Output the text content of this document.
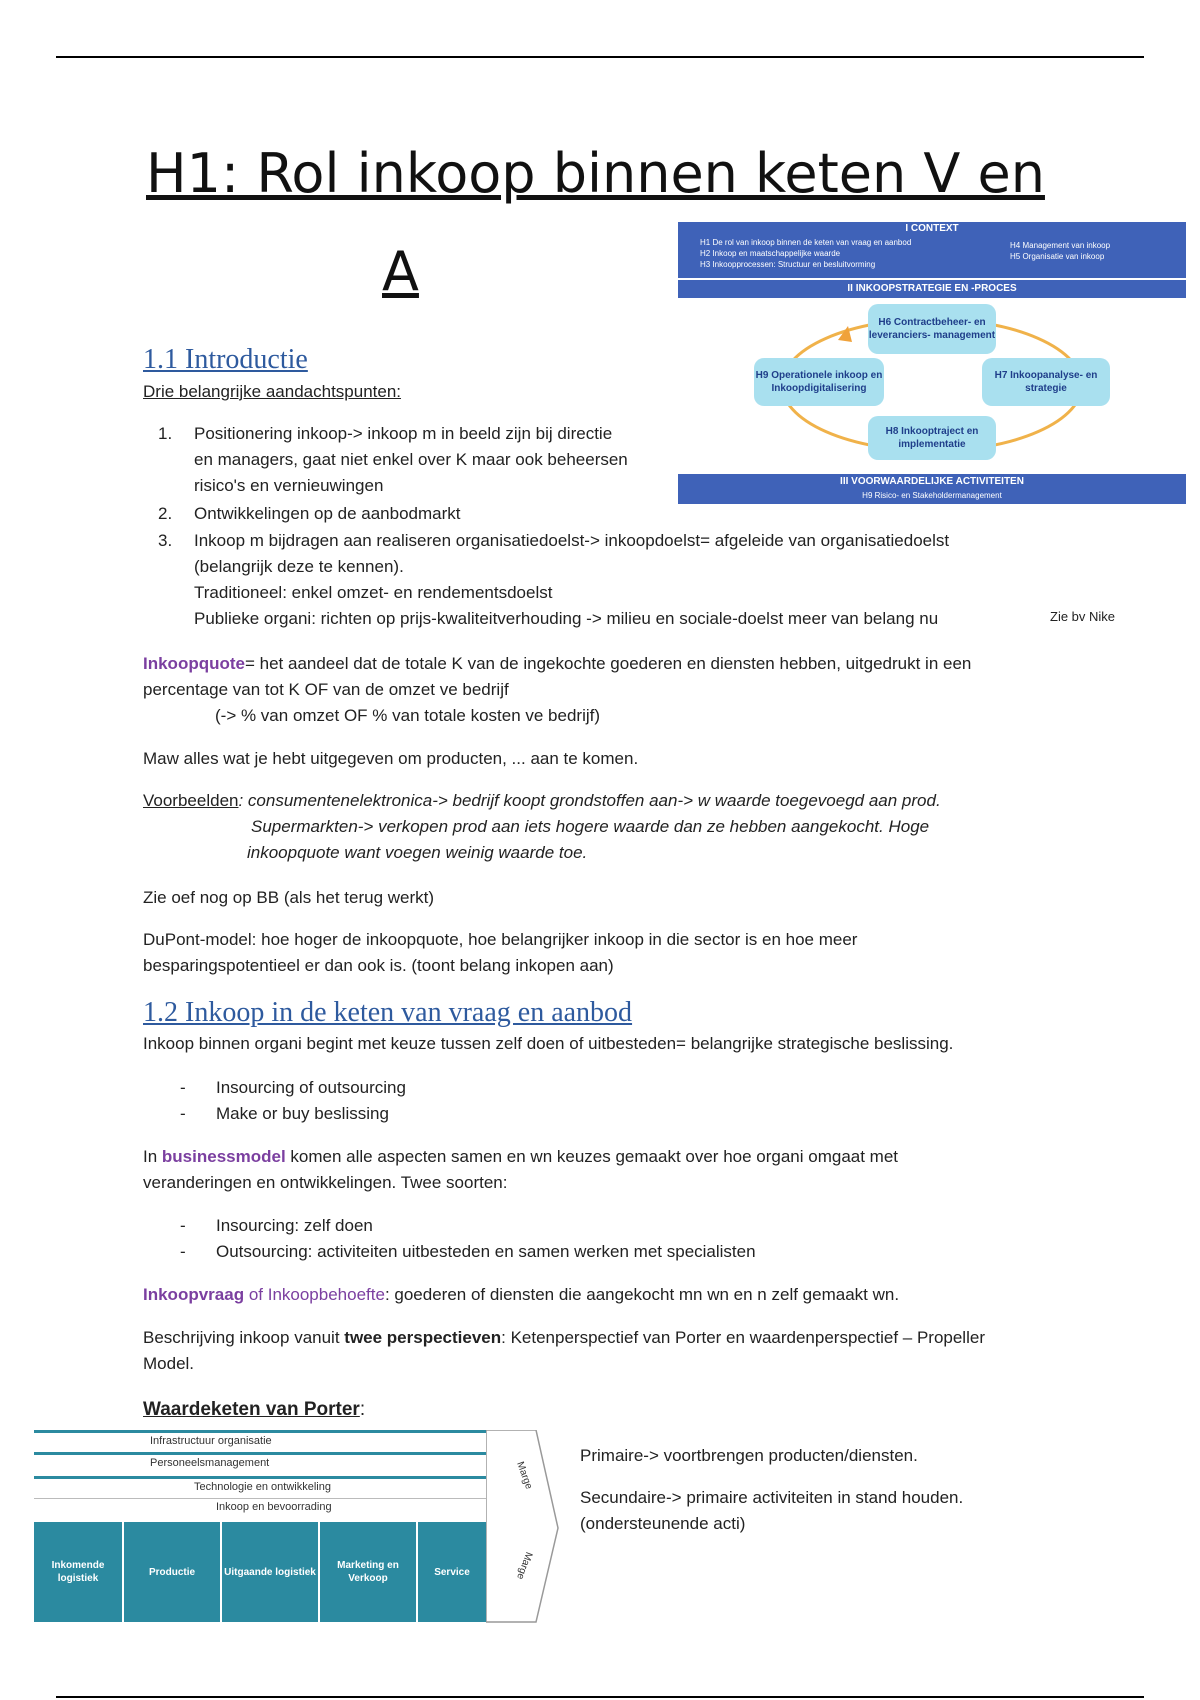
H1: Rol inkoop binnen keten V en
A
I CONTEXT
H1 De rol van inkoop binnen de keten van vraag en aanbod
H2 Inkoop en maatschappelijke waarde
H3 Inkoopprocessen: Structuur en besluitvorming
H4 Management van inkoop
H5 Organisatie van inkoop
II INKOOPSTRATEGIE EN -PROCES
H6 Contractbeheer- en leveranciers- management
H9 Operationele inkoop en Inkoopdigitalisering
H7 Inkoopanalyse- en strategie
H8 Inkooptraject en implementatie
III VOORWAARDELIJKE ACTIVITEITEN
H9 Risico- en Stakeholdermanagement
1.1 Introductie
Drie belangrijke aandachtspunten:
1. Positionering inkoop-> inkoop m in beeld zijn bij directie
en managers, gaat niet enkel over K maar ook beheersen
risico's en vernieuwingen
2. Ontwikkelingen op de aanbodmarkt
3. Inkoop m bijdragen aan realiseren organisatiedoelst-> inkoopdoelst= afgeleide van organisatiedoelst
(belangrijk deze te kennen).
Traditioneel: enkel omzet- en rendementsdoelst
Publieke organi: richten op prijs-kwaliteitverhouding -> milieu en sociale-doelst meer van belang nu	Zie bv Nike
Inkoopquote= het aandeel dat de totale K van de ingekochte goederen en diensten hebben, uitgedrukt in een
percentage van tot K OF van de omzet ve bedrijf
(-> % van omzet OF % van totale kosten ve bedrijf)
Maw alles wat je hebt uitgegeven om producten, ... aan te komen.
Voorbeelden: consumentenelektronica-> bedrijf koopt grondstoffen aan-> w waarde toegevoegd aan prod.
Supermarkten-> verkopen prod aan iets hogere waarde dan ze hebben aangekocht. Hoge
inkoopquote want voegen weinig waarde toe.
Zie oef nog op BB (als het terug werkt)
DuPont-model: hoe hoger de inkoopquote, hoe belangrijker inkoop in die sector is en hoe meer
besparingspotentieel er dan ook is. (toont belang inkopen aan)
1.2 Inkoop in de keten van vraag en aanbod
Inkoop binnen organi begint met keuze tussen zelf doen of uitbesteden= belangrijke strategische beslissing.
- Insourcing of outsourcing
- Make or buy beslissing
In businessmodel komen alle aspecten samen en wn keuzes gemaakt over hoe organi omgaat met
veranderingen en ontwikkelingen. Twee soorten:
- Insourcing: zelf doen
- Outsourcing: activiteiten uitbesteden en samen werken met specialisten
Inkoopvraag of Inkoopbehoefte: goederen of diensten die aangekocht mn wn en n zelf gemaakt wn.
Beschrijving inkoop vanuit twee perspectieven: Ketenperspectief van Porter en waardenperspectief – Propeller
Model.
Waardeketen van Porter:
Infrastructuur organisatie
Personeelsmanagement
Technologie en ontwikkeling
Inkoop en bevoorrading
Inkomende logistiek
Productie	Uitgaande logistiek
Marketing en Verkoop
Service
Marge
Marge
Primaire-> voortbrengen producten/diensten.
Secundaire-> primaire activiteiten in stand houden.
(ondersteunende acti)
